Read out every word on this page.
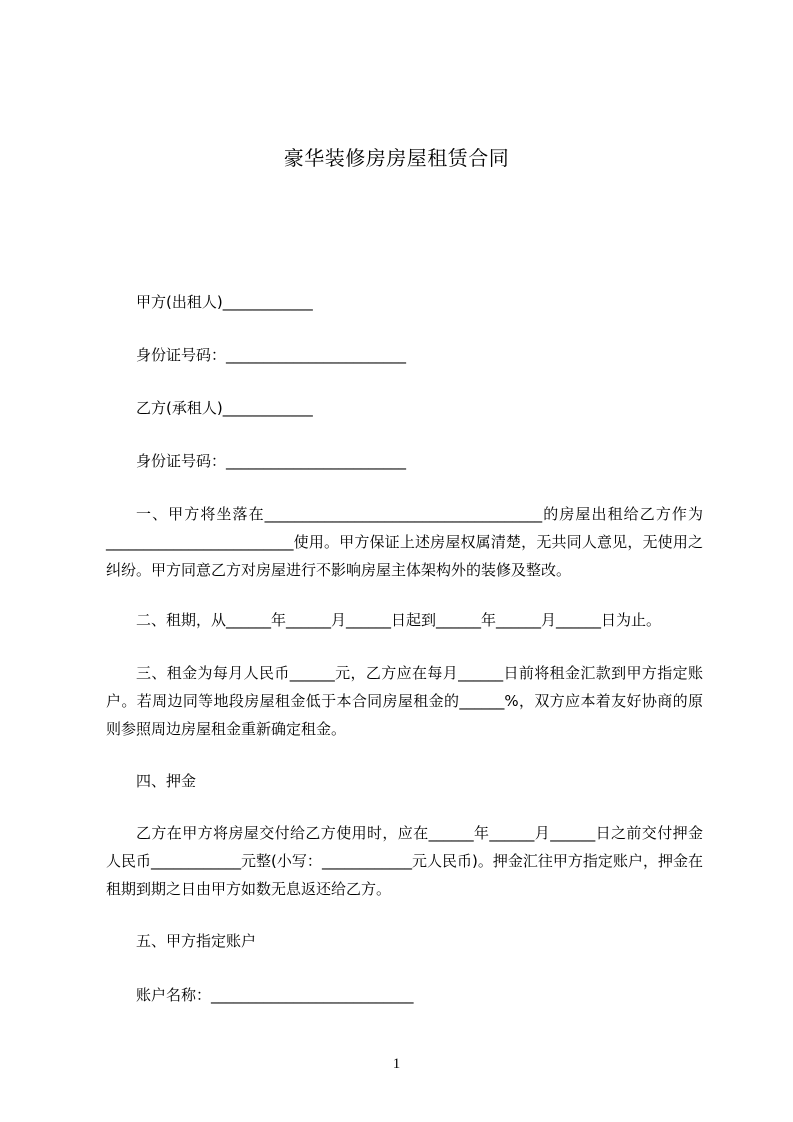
豪华装修房房屋租赁合同
甲方(出租人)____________
身份证号码：________________________
乙方(承租人)____________
身份证号码：________________________
一、甲方将坐落在_____________________________________的房屋出租给乙方作为_________________________使用。甲方保证上述房屋权属清楚，无共同人意见，无使用之纠纷。甲方同意乙方对房屋进行不影响房屋主体架构外的装修及整改。
二、租期，从______年______月______日起到______年______月______日为止。
三、租金为每月人民币______元，乙方应在每月______日前将租金汇款到甲方指定账户。若周边同等地段房屋租金低于本合同房屋租金的______%，双方应本着友好协商的原则参照周边房屋租金重新确定租金。
四、押金
乙方在甲方将房屋交付给乙方使用时，应在______年______月______日之前交付押金人民币____________元整(小写：____________元人民币)。押金汇往甲方指定账户，押金在租期到期之日由甲方如数无息返还给乙方。
五、甲方指定账户
账户名称：___________________________
1
